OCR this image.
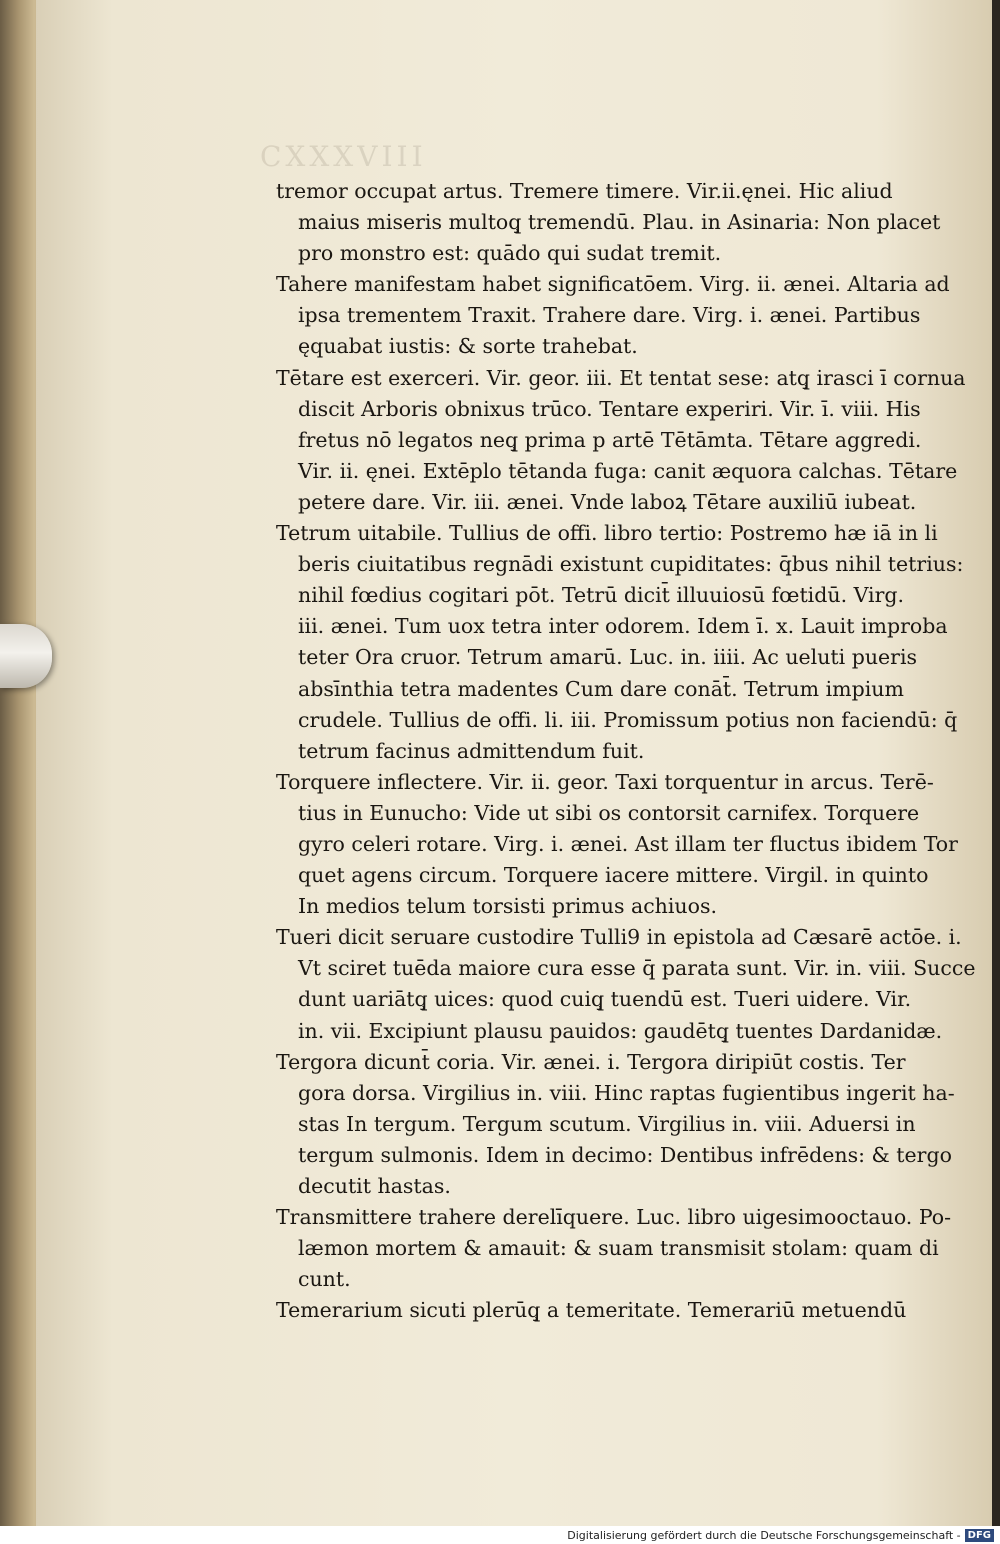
CXXXVIII
tremor occupat artus. Tremere timere. Vir.ii.ęnei. Hic aliud
maius miseris multoq̧ tremendū. Plau. in Asinaria: Non placet
pro monstro est: quādo qui sudat tremit.
Tahere manifestam habet significatōem. Virg. ii. ænei. Altaria ad
ipsa trementem Traxit. Trahere dare. Virg. i. ænei. Partibus
ęquabat iustis: & sorte trahebat.
Tētare est exerceri. Vir. geor. iii. Et tentat sese: atq̧ irasci ī cornua
discit Arboris obnixus trūco. Tentare experiri. Vir. ī. viii. His
fretus nō legatos neq̧ prima p artē Tētāmta. Tētare aggredi.
Vir. ii. ęnei. Extēplo tētanda fuga: canit æquora calchas. Tētare
petere dare. Vir. iii. ænei. Vnde laboꝝ Tētare auxiliū iubeat.
Tetrum uitabile. Tullius de offi. libro tertio: Postremo hæ iā in li
beris ciuitatibus regnādi existunt cupiditates: q̄bus nihil tetrius:
nihil fœdius cogitari pōt. Tetrū dicit̄ illuuiosū fœtidū. Virg.
iii. ænei. Tum uox tetra inter odorem. Idem ī. x. Lauit improba
teter Ora cruor. Tetrum amarū. Luc. in. iiii. Ac ueluti pueris
absīnthia tetra madentes Cum dare conāt̄. Tetrum impium
crudele. Tullius de offi. li. iii. Promissum potius non faciendū: q̄
tetrum facinus admittendum fuit.
Torquere inflectere. Vir. ii. geor. Taxi torquentur in arcus. Terē-
tius in Eunucho: Vide ut sibi os contorsit carnifex. Torquere
gyro celeri rotare. Virg. i. ænei. Ast illam ter fluctus ibidem Tor
quet agens circum. Torquere iacere mittere. Virgil. in quinto
In medios telum torsisti primus achiuos.
Tueri dicit seruare custodire Tulli9 in epistola ad Cæsarē actōe. i.
Vt sciret tuēda maiore cura esse q̄ parata sunt. Vir. in. viii. Succe
dunt uariātq̧ uices: quod cuiq̧ tuendū est. Tueri uidere. Vir.
in. vii. Excipiunt plausu pauidos: gaudētq̧ tuentes Dardanidæ.
Tergora dicunt̄ coria. Vir. ænei. i. Tergora diripiūt costis. Ter
gora dorsa. Virgilius in. viii. Hinc raptas fugientibus ingerit ha-
stas In tergum. Tergum scutum. Virgilius in. viii. Aduersi in
tergum sulmonis. Idem in decimo: Dentibus infrēdens: & tergo
decutit hastas.
Transmittere trahere derelīquere. Luc. libro uigesimooctauo. Po-
læmon mortem & amauit: & suam transmisit stolam: quam di
cunt.
Temerarium sicuti plerūq̧ a temeritate. Temerariū metuendū
Digitalisierung gefördert durch die Deutsche Forschungsgemeinschaft - DFG
